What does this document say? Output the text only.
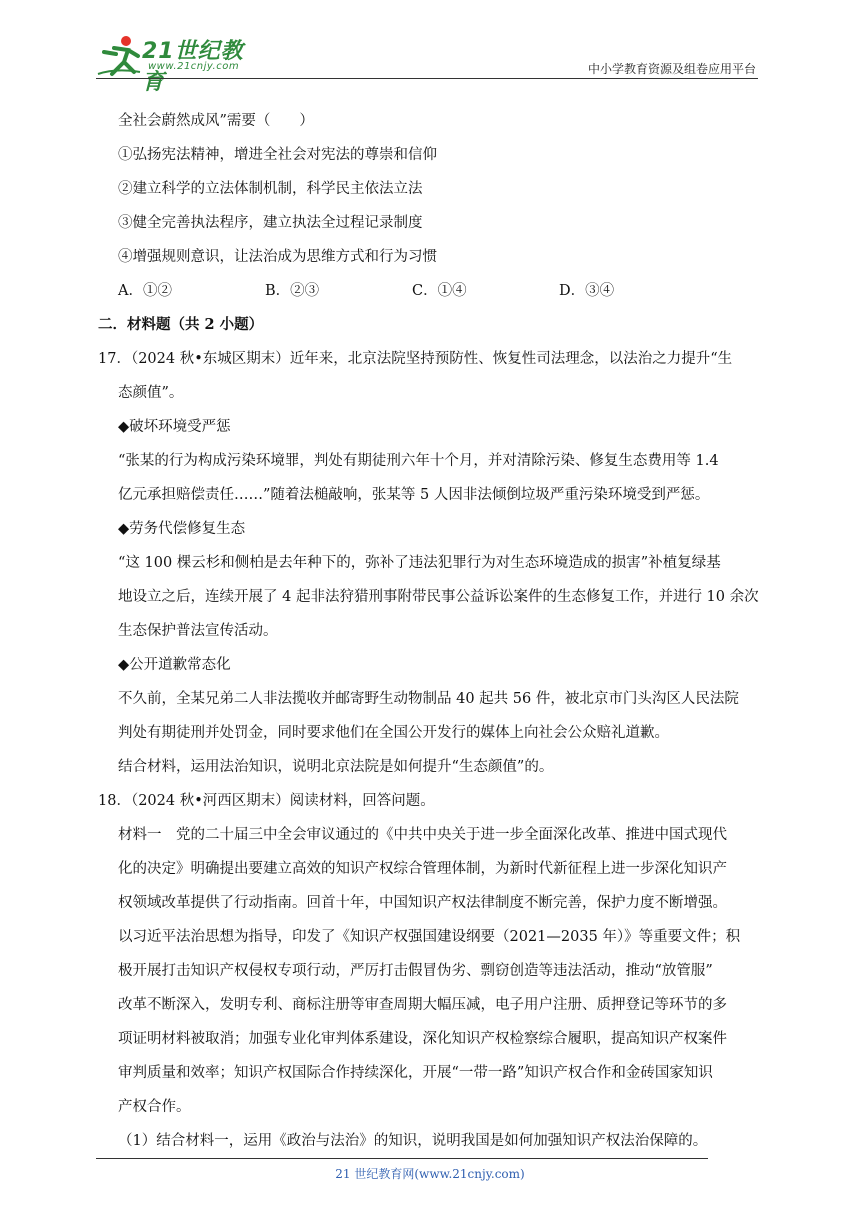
21世纪教育
www.21cnjy.com	中小学教育资源及组卷应用平台
全社会蔚然成风”需要（　　）
①弘扬宪法精神，增进全社会对宪法的尊崇和信仰
②建立科学的立法体制机制，科学民主依法立法
③健全完善执法程序，建立执法全过程记录制度
④增强规则意识，让法治成为思维方式和行为习惯
A．①②	B．②③	C．①④	D．③④
二．材料题（共 2 小题）
17．（2024 秋•东城区期末）近年来，北京法院坚持预防性、恢复性司法理念，以法治之力提升“生
态颜值”。
◆破坏环境受严惩
“张某的行为构成污染环境罪，判处有期徒刑六年十个月，并对清除污染、修复生态费用等 1.4
亿元承担赔偿责任……”随着法槌敲响，张某等 5 人因非法倾倒垃圾严重污染环境受到严惩。
◆劳务代偿修复生态
“这 100 棵云杉和侧柏是去年种下的，弥补了违法犯罪行为对生态环境造成的损害”补植复绿基
地设立之后，连续开展了 4 起非法狩猎刑事附带民事公益诉讼案件的生态修复工作，并进行 10 余次
生态保护普法宣传活动。
◆公开道歉常态化
不久前，全某兄弟二人非法揽收并邮寄野生动物制品 40 起共 56 件，被北京市门头沟区人民法院
判处有期徒刑并处罚金，同时要求他们在全国公开发行的媒体上向社会公众赔礼道歉。
结合材料，运用法治知识，说明北京法院是如何提升“生态颜值”的。
18．（2024 秋•河西区期末）阅读材料，回答问题。
材料一　党的二十届三中全会审议通过的《中共中央关于进一步全面深化改革、推进中国式现代
化的决定》明确提出要建立高效的知识产权综合管理体制，为新时代新征程上进一步深化知识产
权领域改革提供了行动指南。回首十年，中国知识产权法律制度不断完善，保护力度不断增强。
以习近平法治思想为指导，印发了《知识产权强国建设纲要（2021—2035 年）》等重要文件；积
极开展打击知识产权侵权专项行动，严厉打击假冒伪劣、剽窃创造等违法活动，推动“放管服”
改革不断深入，发明专利、商标注册等审查周期大幅压减，电子用户注册、质押登记等环节的多
项证明材料被取消；加强专业化审判体系建设，深化知识产权检察综合履职，提高知识产权案件
审判质量和效率；知识产权国际合作持续深化，开展“一带一路”知识产权合作和金砖国家知识
产权合作。
（1）结合材料一，运用《政治与法治》的知识，说明我国是如何加强知识产权法治保障的。
21 世纪教育网(www.21cnjy.com)
